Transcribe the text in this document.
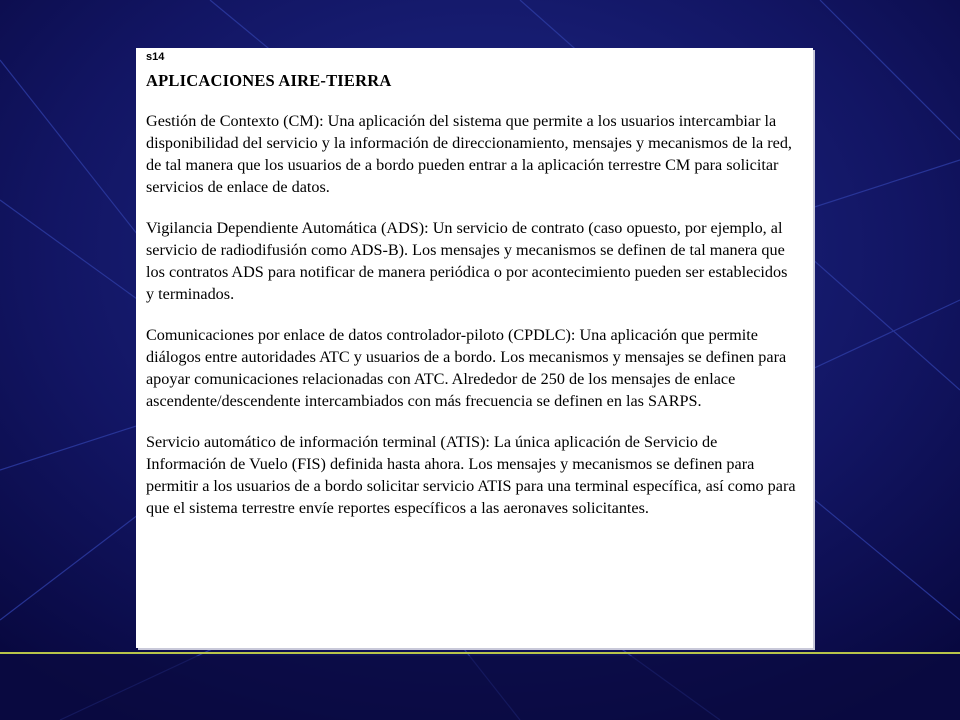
s14

APLICACIONES AIRE-TIERRA

Gestión de Contexto (CM): Una aplicación del sistema que permite a los usuarios intercambiar la disponibilidad del servicio y la información de direccionamiento, mensajes y mecanismos de la red, de tal manera que los usuarios de a bordo pueden entrar a la aplicación terrestre CM para solicitar servicios de enlace de datos.

Vigilancia Dependiente Automática (ADS): Un servicio de contrato (caso opuesto, por ejemplo, al servicio de radiodifusión como ADS-B). Los mensajes y mecanismos se definen de tal manera que los contratos ADS para notificar de manera periódica o por acontecimiento pueden ser establecidos y terminados.

Comunicaciones por enlace de datos controlador-piloto (CPDLC): Una aplicación que permite diálogos entre autoridades ATC y usuarios de a bordo. Los mecanismos y mensajes se definen para apoyar comunicaciones relacionadas con ATC. Alrededor de 250 de los mensajes de enlace ascendente/descendente intercambiados con más frecuencia se definen en las SARPS.

Servicio automático de información terminal (ATIS): La única aplicación de Servicio de Información de Vuelo (FIS) definida hasta ahora. Los mensajes y mecanismos se definen para permitir a los usuarios de a bordo solicitar servicio ATIS para una terminal específica, así como para que el sistema terrestre envíe reportes específicos a las aeronaves solicitantes.
